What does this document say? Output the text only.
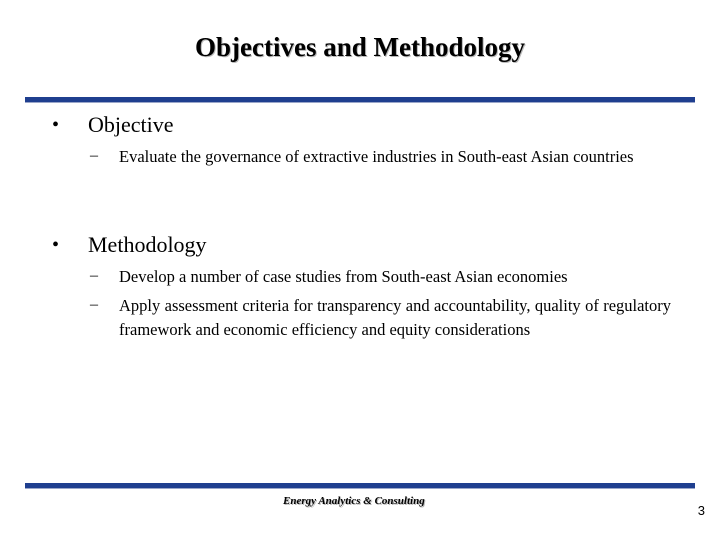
Objectives and Methodology
• Objective
– Evaluate the governance of extractive industries in South-east Asian countries
• Methodology
– Develop a number of case studies from South-east Asian economies
– Apply assessment criteria for transparency and accountability, quality of regulatory framework and economic efficiency and equity considerations
Energy Analytics & Consulting
3
